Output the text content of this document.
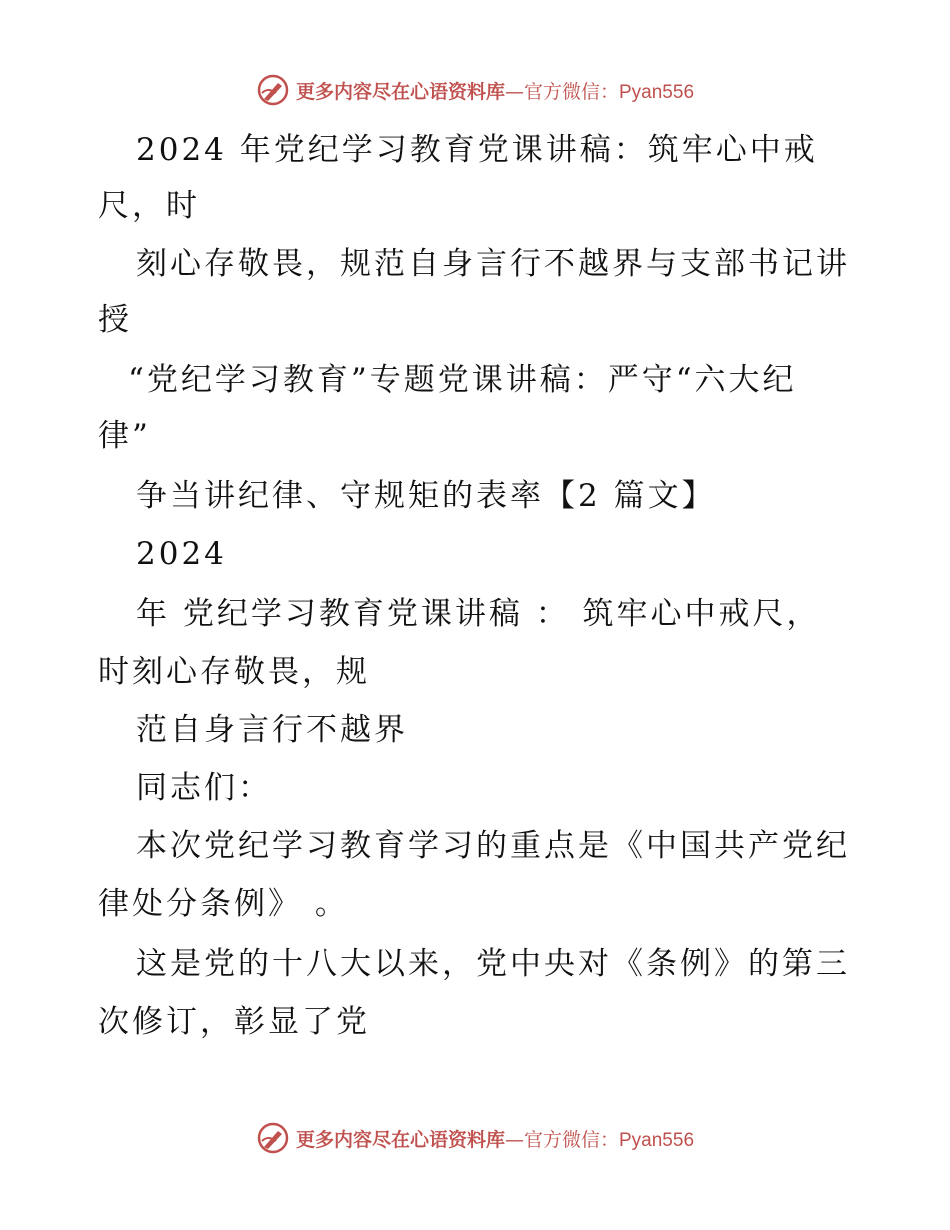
更多内容尽在心语资料库—官方微信：Pyan556
2024 年党纪学习教育党课讲稿：筑牢心中戒
尺，时
刻心存敬畏，规范自身言行不越界与支部书记讲
授
“党纪学习教育”专题党课讲稿：严守“六大纪
律”
争当讲纪律、守规矩的表率【2 篇文】
2024
年 党纪学习教育党课讲稿 ： 筑牢心中戒尺，
时刻心存敬畏，规
范自身言行不越界
同志们：
本次党纪学习教育学习的重点是《中国共产党纪
律处分条例》 。
这是党的十八大以来，党中央对《条例》的第三
次修订，彰显了党
更多内容尽在心语资料库—官方微信：Pyan556
